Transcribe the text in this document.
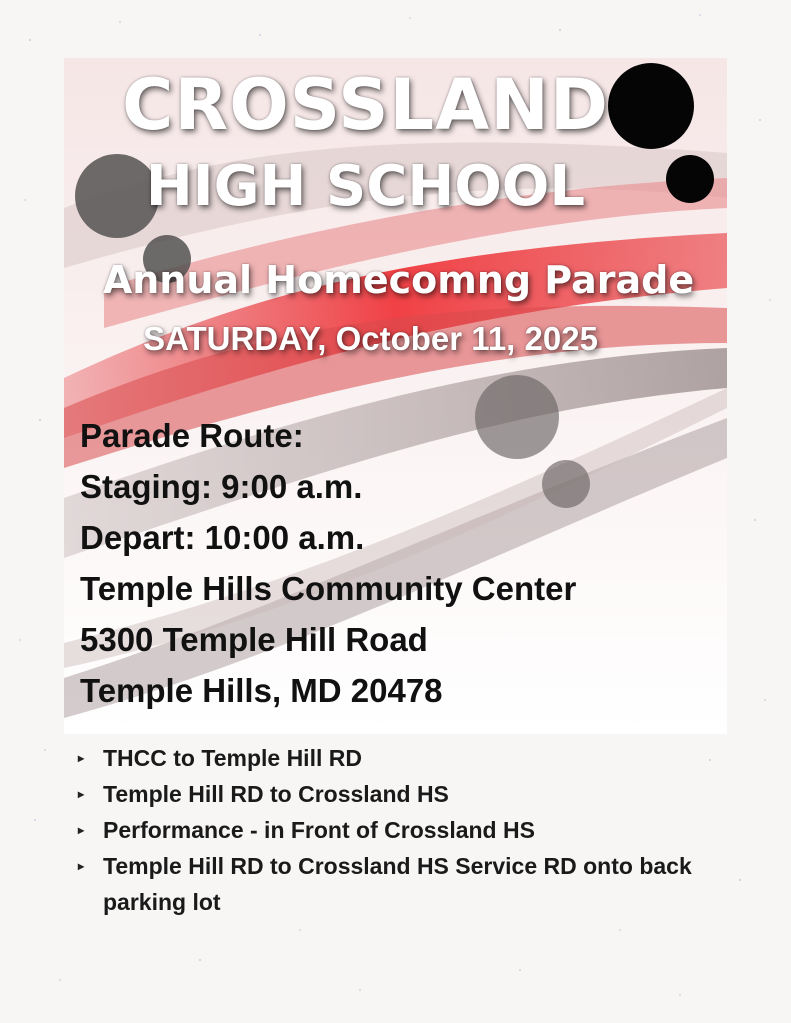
CROSSLAND
HIGH SCHOOL
Annual Homecomng Parade
SATURDAY, October 11, 2025
Parade Route:
Staging: 9:00 a.m.
Depart: 10:00 a.m.
Temple Hills Community Center
5300 Temple Hill Road
Temple Hills, MD 20478
▸ THCC to Temple Hill RD
▸ Temple Hill RD to Crossland HS
▸ Performance - in Front of Crossland HS
▸ Temple Hill RD to Crossland HS Service RD onto back parking lot
